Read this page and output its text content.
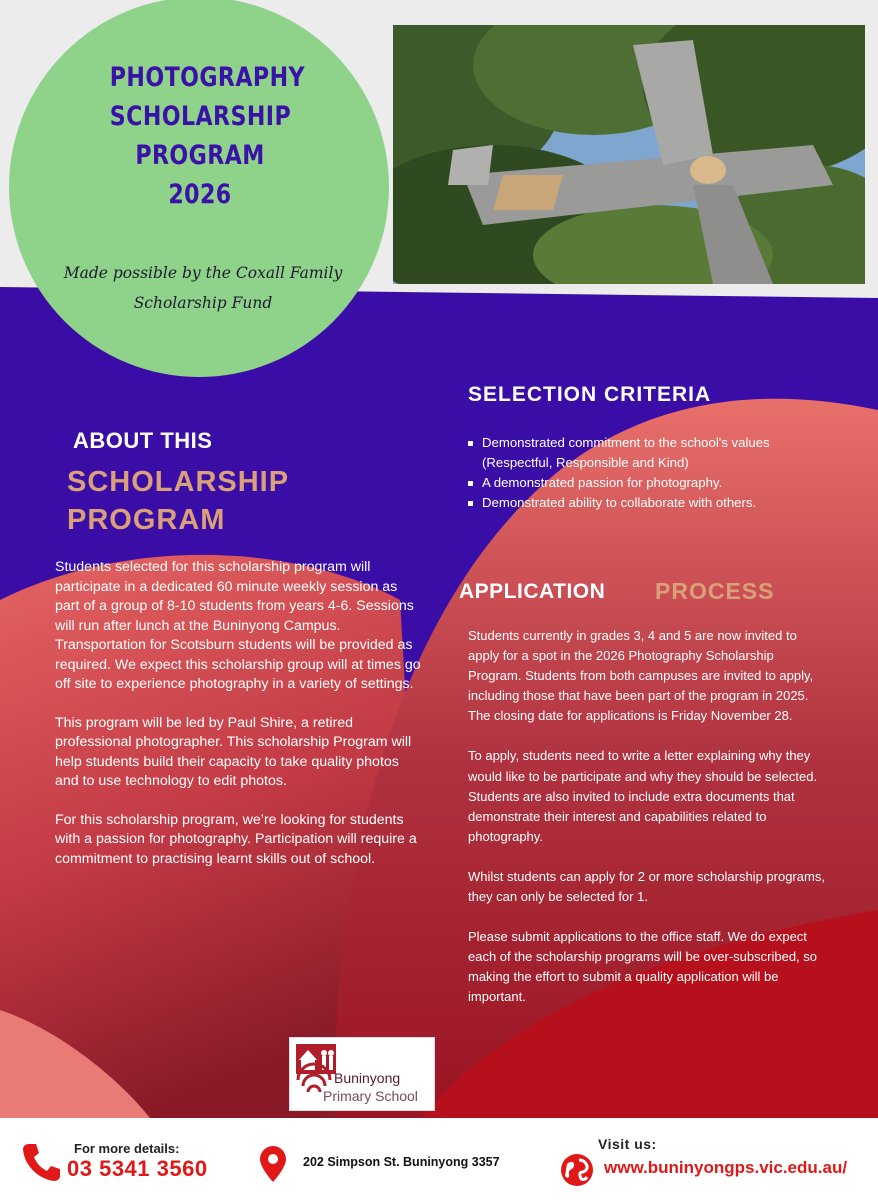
PHOTOGRAPHY
SCHOLARSHIP
PROGRAM
2026
Made possible by the Coxall Family
Scholarship Fund
ABOUT THIS
SCHOLARSHIP
PROGRAM

Students selected for this scholarship program will participate in a dedicated 60 minute weekly session as part of a group of 8-10 students from years 4-6. Sessions will run after lunch at the Buninyong Campus. Transportation for Scotsburn students will be provided as required. We expect this scholarship group will at times go off site to experience photography in a variety of settings.

This program will be led by Paul Shire, a retired professional photographer. This scholarship Program will help students build their capacity to take quality photos and to use technology to edit photos.

For this scholarship program, we’re looking for students with a passion for photography. Participation will require a commitment to practising learnt skills out of school.

SELECTION CRITERIA
Demonstrated commitment to the school's values (Respectful, Responsible and Kind)
A demonstrated passion for photography.
Demonstrated ability to collaborate with others.
APPLICATION PROCESS

Students currently in grades 3, 4 and 5 are now invited to apply for a spot in the 2026 Photography Scholarship Program. Students from both campuses are invited to apply, including those that have been part of the program in 2025. The closing date for applications is Friday November 28.

To apply, students need to write a letter explaining why they would like to be participate and why they should be selected. Students are also invited to include extra documents that demonstrate their interest and capabilities related to photography.

Whilst students can apply for 2 or more scholarship programs, they can only be selected for 1.

Please submit applications to the office staff. We do expect each of the scholarship programs will be over-subscribed, so making the effort to submit a quality application will be important.

Buninyong
Primary School
For more details:
03 5341 3560	202 Simpson St. Buninyong 3357
Visit us:
www.buninyongps.vic.edu.au/
